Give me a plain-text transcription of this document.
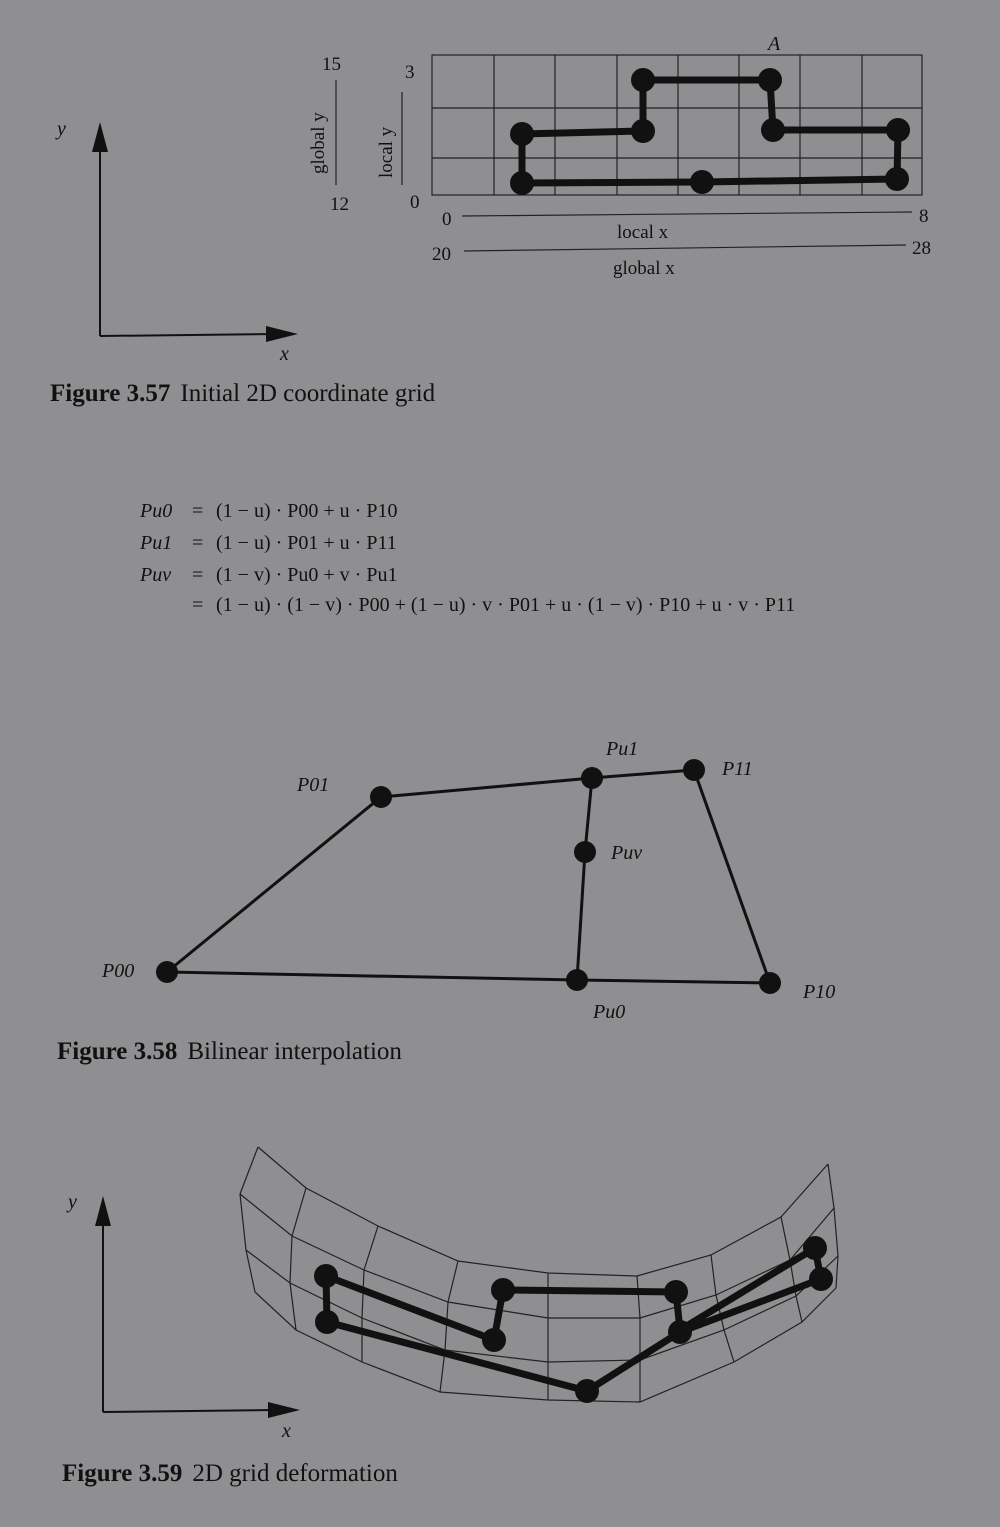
y
x
A
15
12
global y
3
0
local y
0	8
local x
20	28
global x
P00
P01
Pu1
P11
Puv
Pu0
P10
y
x
Figure 3.57 Initial 2D coordinate grid
Pu0 = (1 − u) · P00 + u · P10
Pu1 = (1 − u) · P01 + u · P11
Puv	= (1 − v) · Pu0 + v · Pu1
= (1 − u) · (1 − v) · P00 + (1 − u) · v · P01 + u · (1 − v) · P10 + u · v · P11
Figure 3.58 Bilinear interpolation
Figure 3.59 2D grid deformation
